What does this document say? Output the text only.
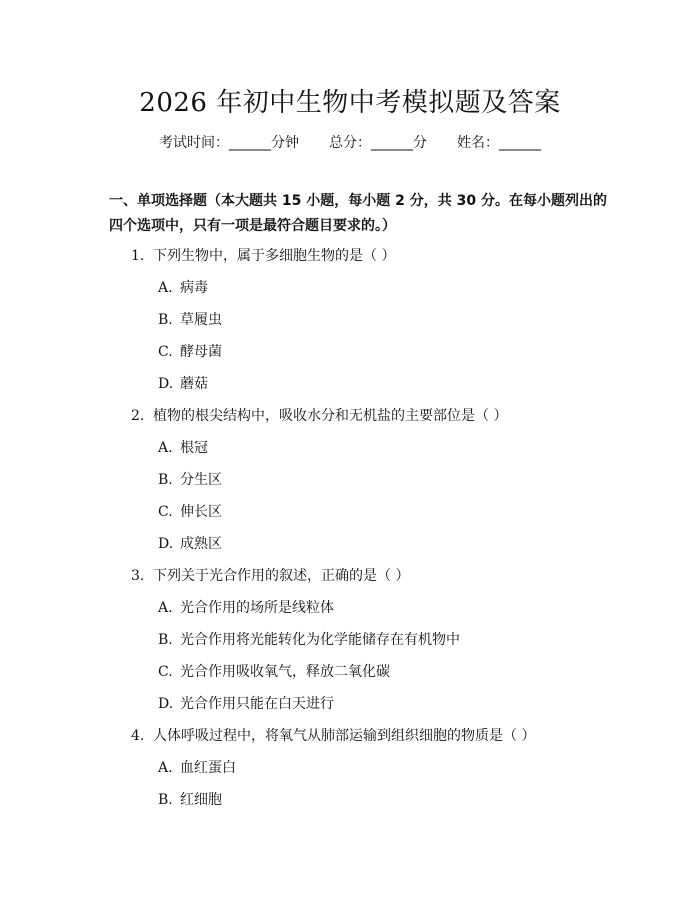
2026 年初中生物中考模拟题及答案
考试时间：______分钟 总分：______分 姓名：______
一、单项选择题（本大题共 15 小题，每小题 2 分，共 30 分。在每小题列出的四个选项中，只有一项是最符合题目要求的。）
1. 下列生物中，属于多细胞生物的是（ ）
A. 病毒
B. 草履虫
C. 酵母菌
D. 蘑菇
2. 植物的根尖结构中，吸收水分和无机盐的主要部位是（ ）
A. 根冠
B. 分生区
C. 伸长区
D. 成熟区
3. 下列关于光合作用的叙述，正确的是（ ）
A. 光合作用的场所是线粒体
B. 光合作用将光能转化为化学能储存在有机物中
C. 光合作用吸收氧气，释放二氧化碳
D. 光合作用只能在白天进行
4. 人体呼吸过程中，将氧气从肺部运输到组织细胞的物质是（ ）
A. 血红蛋白
B. 红细胞
